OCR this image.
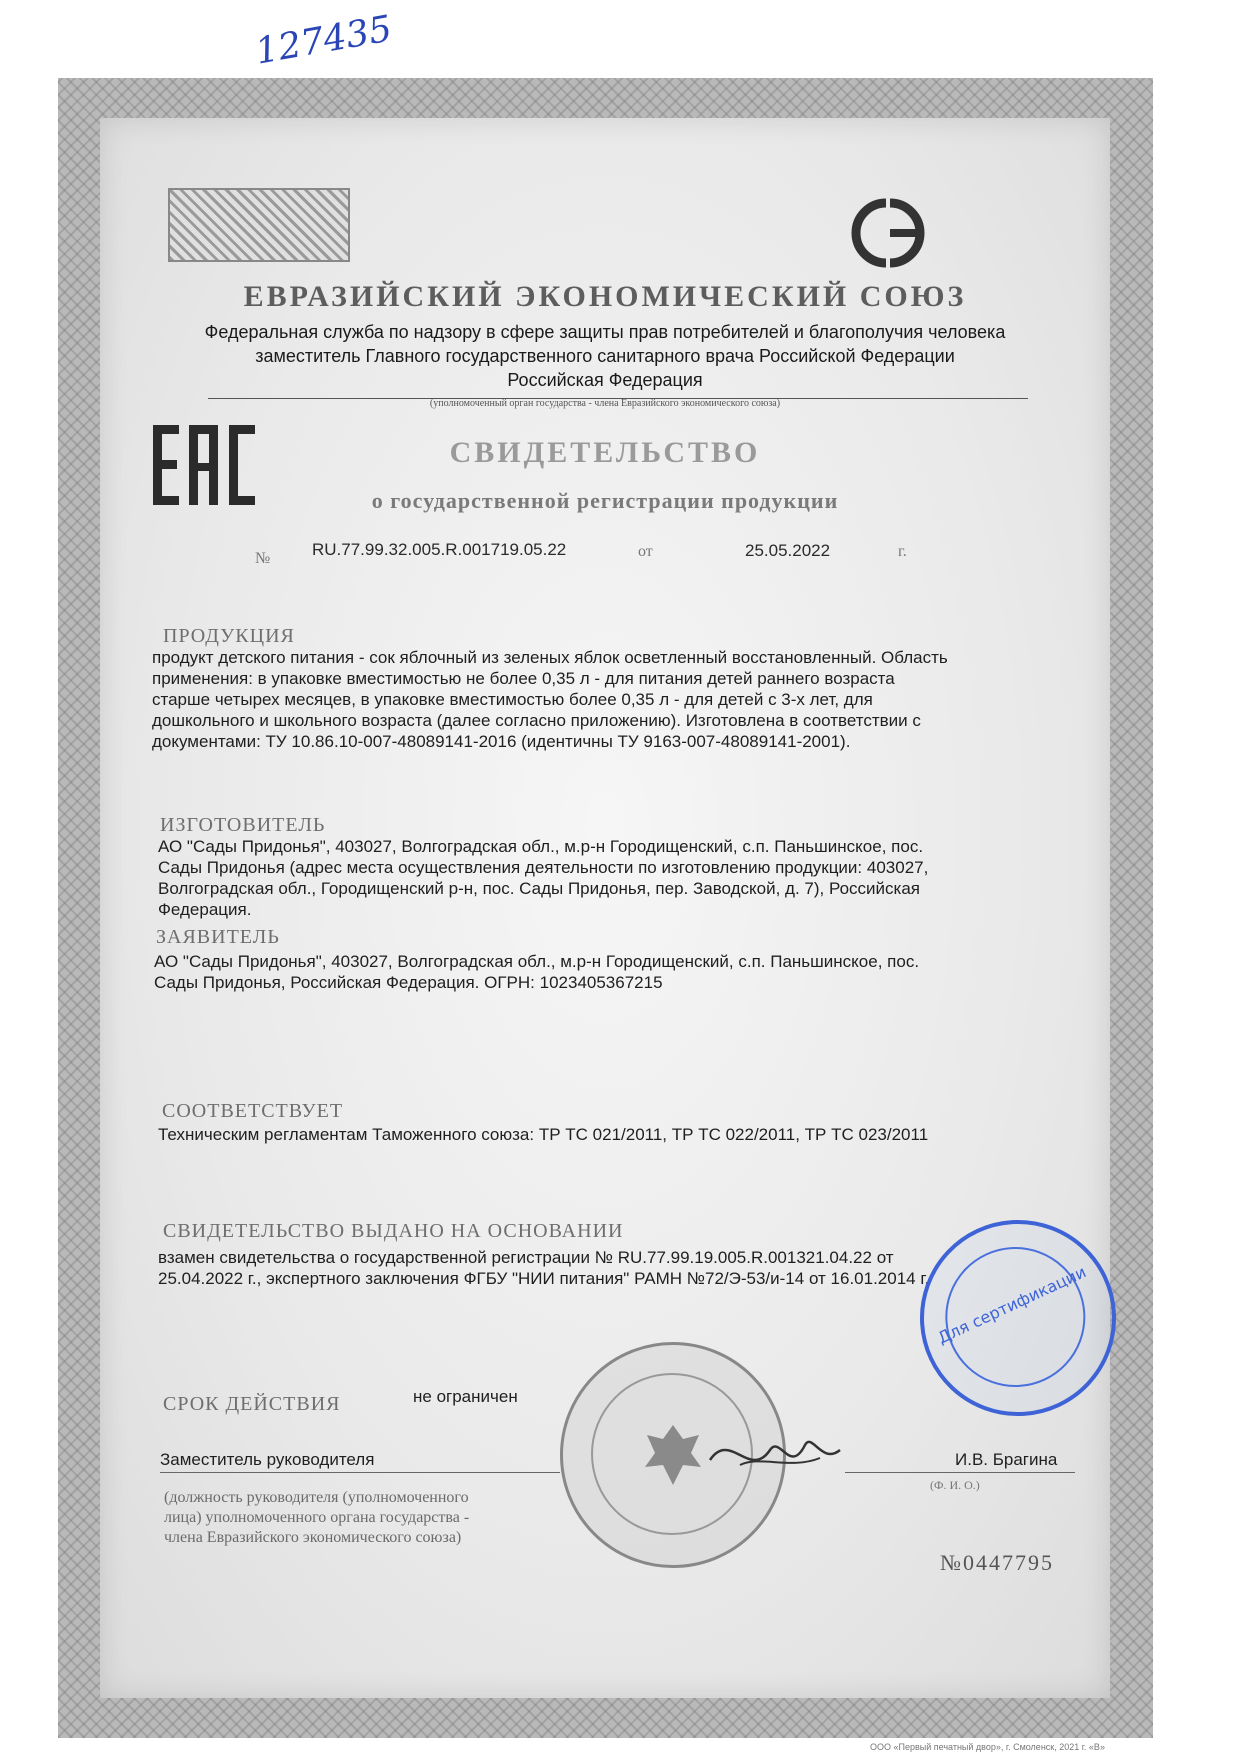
127435
ЕВРАЗИЙСКИЙ ЭКОНОМИЧЕСКИЙ СОЮЗ
Федеральная служба по надзору в сфере защиты прав потребителей и благополучия человека
заместитель Главного государственного санитарного врача Российской Федерации
Российская Федерация
(уполномоченный орган государства - члена Евразийского экономического союза)
СВИДЕТЕЛЬСТВО
о государственной регистрации продукции
№ RU.77.99.32.005.R.001719.05.22	от	25.05.2022	г.
ПРОДУКЦИЯ
продукт детского питания - сок яблочный из зеленых яблок осветленный восстановленный. Область
применения: в упаковке вместимостью не более 0,35 л - для питания детей раннего возраста
старше четырех месяцев, в упаковке вместимостью более 0,35 л - для детей с 3-х лет, для
дошкольного и школьного возраста (далее согласно приложению). Изготовлена в соответствии с
документами: ТУ 10.86.10-007-48089141-2016 (идентичны ТУ 9163-007-48089141-2001).
ИЗГОТОВИТЕЛЬ
АО "Сады Придонья", 403027, Волгоградская обл., м.р-н Городищенский, с.п. Паньшинское, пос.
Сады Придонья (адрес места осуществления деятельности по изготовлению продукции: 403027,
Волгоградская обл., Городищенский р-н, пос. Сады Придонья, пер. Заводской, д. 7), Российская
Федерация.
ЗАЯВИТЕЛЬ
АО "Сады Придонья", 403027, Волгоградская обл., м.р-н Городищенский, с.п. Паньшинское, пос.
Сады Придонья, Российская Федерация. ОГРН: 1023405367215
СООТВЕТСТВУЕТ
Техническим регламентам Таможенного союза: ТР ТС 021/2011, ТР ТС 022/2011, ТР ТС 023/2011
СВИДЕТЕЛЬСТВО ВЫДАНО НА ОСНОВАНИИ
взамен свидетельства о государственной регистрации № RU.77.99.19.005.R.001321.04.22 от
25.04.2022 г., экспертного заключения ФГБУ "НИИ питания" РАМН №72/Э-53/и-14 от 16.01.2014 г. Для сертификации
СРОК ДЕЙСТВИЯ	не ограничен
Заместитель руководителя	И.В. Брагина
(должность руководителя (уполномоченного
лица) уполномоченного органа государства -
члена Евразийского экономического союза)
(Ф. И. О.)
№0447795
ООО «Первый печатный двор», г. Смоленск, 2021 г. «В»
